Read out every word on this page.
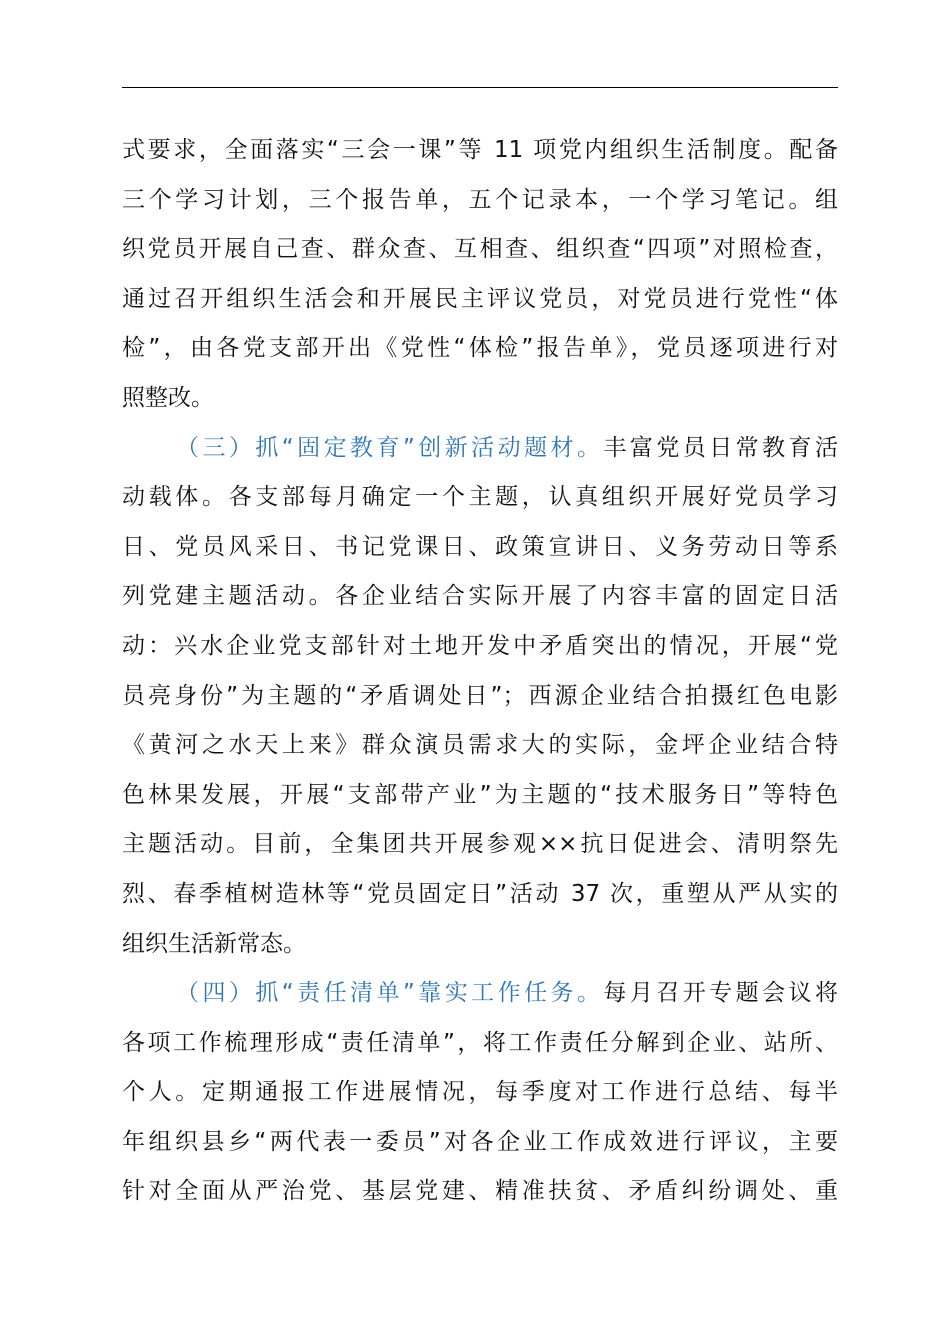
式要求，全面落实“三会一课”等 11 项党内组织生活制度。配备
三个学习计划，三个报告单，五个记录本，一个学习笔记。组
织党员开展自己查、群众查、互相查、组织查“四项”对照检查，
通过召开组织生活会和开展民主评议党员，对党员进行党性“体
检”，由各党支部开出《党性“体检”报告单》，党员逐项进行对
照整改。
（三）抓“固定教育”创新活动题材。丰富党员日常教育活
动载体。各支部每月确定一个主题，认真组织开展好党员学习
日、党员风采日、书记党课日、政策宣讲日、义务劳动日等系
列党建主题活动。各企业结合实际开展了内容丰富的固定日活
动：兴水企业党支部针对土地开发中矛盾突出的情况，开展“党
员亮身份”为主题的“矛盾调处日”；西源企业结合拍摄红色电影
《黄河之水天上来》群众演员需求大的实际，金坪企业结合特
色林果发展，开展“支部带产业”为主题的“技术服务日”等特色
主题活动。目前，全集团共开展参观××抗日促进会、清明祭先
烈、春季植树造林等“党员固定日”活动 37 次，重塑从严从实的
组织生活新常态。
（四）抓“责任清单”靠实工作任务。每月召开专题会议将
各项工作梳理形成“责任清单”，将工作责任分解到企业、站所、
个人。定期通报工作进展情况，每季度对工作进行总结、每半
年组织县乡“两代表一委员”对各企业工作成效进行评议，主要
针对全面从严治党、基层党建、精准扶贫、矛盾纠纷调处、重
